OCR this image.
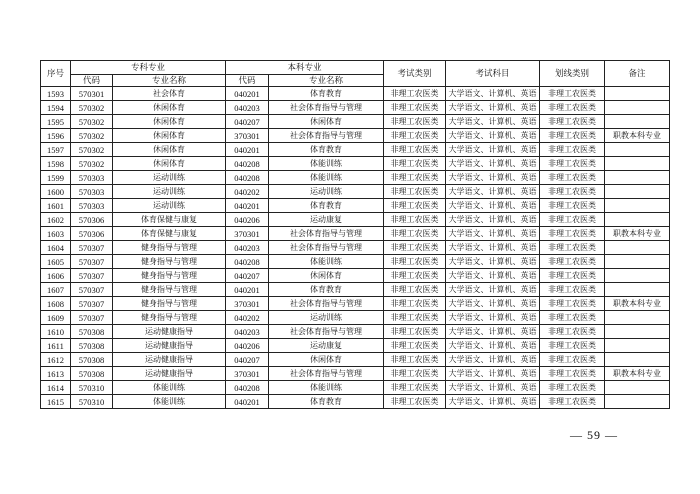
序号	专科专业		本科专业		考试类别	考试科目	划线类别	备注
	代码	专业名称	代码	专业名称				
1593	570301	社会体育	040201	体育教育	非理工农医类	大学语文、计算机、英语	非理工农医类	
1594	570302	休闲体育	040203	社会体育指导与管理	非理工农医类	大学语文、计算机、英语	非理工农医类	
1595	570302	休闲体育	040207	休闲体育	非理工农医类	大学语文、计算机、英语	非理工农医类	
1596	570302	休闲体育	370301	社会体育指导与管理	非理工农医类	大学语文、计算机、英语	非理工农医类	职教本科专业
1597	570302	休闲体育	040201	体育教育	非理工农医类	大学语文、计算机、英语	非理工农医类	
1598	570302	休闲体育	040208	体能训练	非理工农医类	大学语文、计算机、英语	非理工农医类	
1599	570303	运动训练	040208	体能训练	非理工农医类	大学语文、计算机、英语	非理工农医类	
1600	570303	运动训练	040202	运动训练	非理工农医类	大学语文、计算机、英语	非理工农医类	
1601	570303	运动训练	040201	体育教育	非理工农医类	大学语文、计算机、英语	非理工农医类	
1602	570306	体育保健与康复	040206	运动康复	非理工农医类	大学语文、计算机、英语	非理工农医类	
1603	570306	体育保健与康复	370301	社会体育指导与管理	非理工农医类	大学语文、计算机、英语	非理工农医类	职教本科专业
1604	570307	健身指导与管理	040203	社会体育指导与管理	非理工农医类	大学语文、计算机、英语	非理工农医类	
1605	570307	健身指导与管理	040208	体能训练	非理工农医类	大学语文、计算机、英语	非理工农医类	
1606	570307	健身指导与管理	040207	休闲体育	非理工农医类	大学语文、计算机、英语	非理工农医类	
1607	570307	健身指导与管理	040201	体育教育	非理工农医类	大学语文、计算机、英语	非理工农医类	
1608	570307	健身指导与管理	370301	社会体育指导与管理	非理工农医类	大学语文、计算机、英语	非理工农医类	职教本科专业
1609	570307	健身指导与管理	040202	运动训练	非理工农医类	大学语文、计算机、英语	非理工农医类	
1610	570308	运动健康指导	040203	社会体育指导与管理	非理工农医类	大学语文、计算机、英语	非理工农医类	
1611	570308	运动健康指导	040206	运动康复	非理工农医类	大学语文、计算机、英语	非理工农医类	
1612	570308	运动健康指导	040207	休闲体育	非理工农医类	大学语文、计算机、英语	非理工农医类	
1613	570308	运动健康指导	370301	社会体育指导与管理	非理工农医类	大学语文、计算机、英语	非理工农医类	职教本科专业
1614	570310	体能训练	040208	体能训练	非理工农医类	大学语文、计算机、英语	非理工农医类	
1615	570310	体能训练	040201	体育教育	非理工农医类	大学语文、计算机、英语	非理工农医类	
— 59 —
